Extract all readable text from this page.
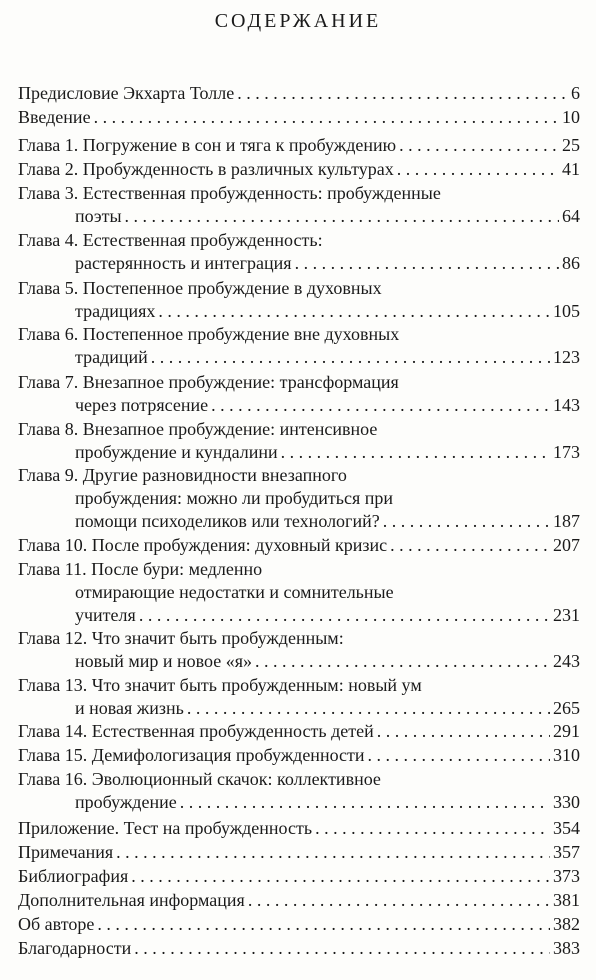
СОДЕРЖАНИЕ
Предисловие Экхарта Толле . . .	6
Введение . . .	10
Глава 1. Погружение в сон и тяга к пробуждению . . .	25
Глава 2. Пробужденность в различных культурах . . .	41
Глава 3. Естественная пробужденность: пробужденные
поэты . . .	64
Глава 4. Естественная пробужденность:
растерянность и интеграция . . .	86
Глава 5. Постепенное пробуждение в духовных
традициях . . .	105
Глава 6. Постепенное пробуждение вне духовных
традиций . . .	123
Глава 7. Внезапное пробуждение: трансформация
через потрясение . . .	143
Глава 8. Внезапное пробуждение: интенсивное
пробуждение и кундалини . . .	173
Глава 9. Другие разновидности внезапного
пробуждения: можно ли пробудиться при
помощи психоделиков или технологий? . . .	187
Глава 10. После пробуждения: духовный кризис . . .	207
Глава 11. После бури: медленно
отмирающие недостатки и сомнительные
учителя . . .	231
Глава 12. Что значит быть пробужденным:
новый мир и новое «я» . . .	243
Глава 13. Что значит быть пробужденным: новый ум
и новая жизнь . . .	265
Глава 14. Естественная пробужденность детей . . .	291
Глава 15. Демифологизация пробужденности . . .	310
Глава 16. Эволюционный скачок: коллективное
пробуждение . . .	330
Приложение. Тест на пробужденность . . .	354
Примечания . . .	357
Библиография . . .	373
Дополнительная информация . . .	381
Об авторе . . .	382
Благодарности . . .	383
